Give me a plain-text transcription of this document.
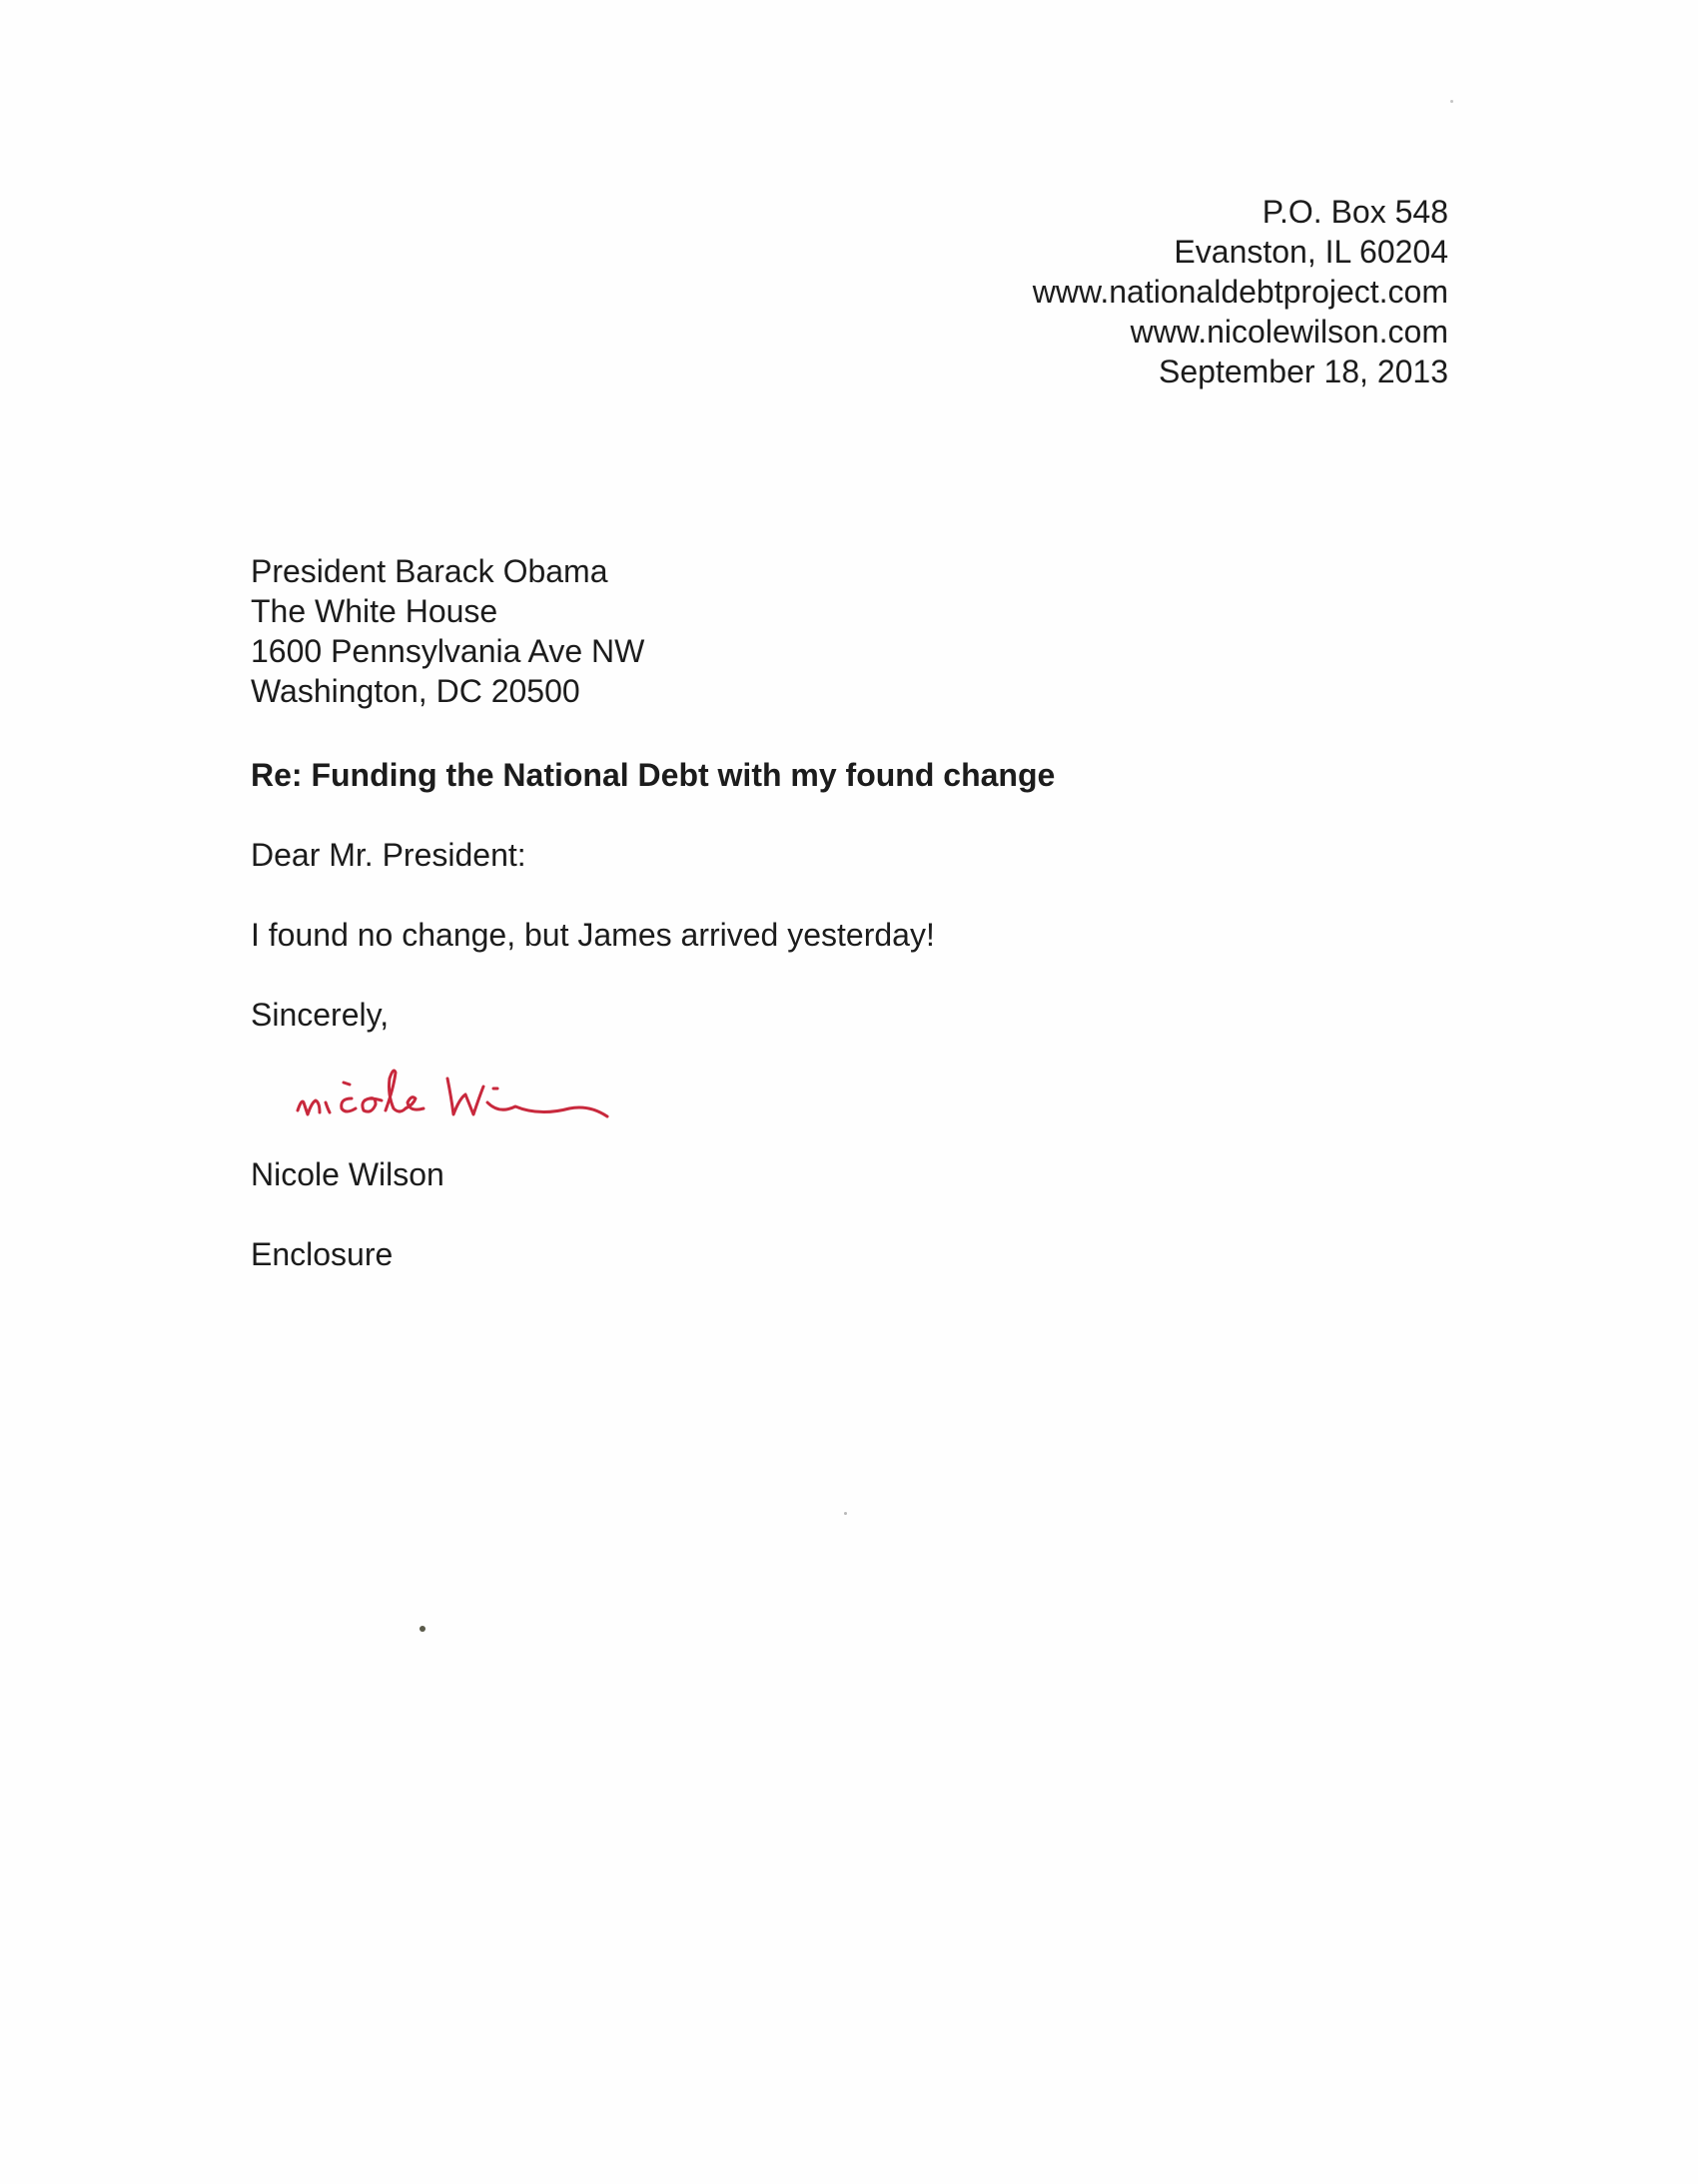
P.O. Box 548
Evanston, IL 60204
www.nationaldebtproject.com
www.nicolewilson.com
September 18, 2013
President Barack Obama
The White House
1600 Pennsylvania Ave NW
Washington, DC 20500
Re: Funding the National Debt with my found change
Dear Mr. President:
I found no change, but James arrived yesterday!
Sincerely,
Nicole Wilson
Enclosure
